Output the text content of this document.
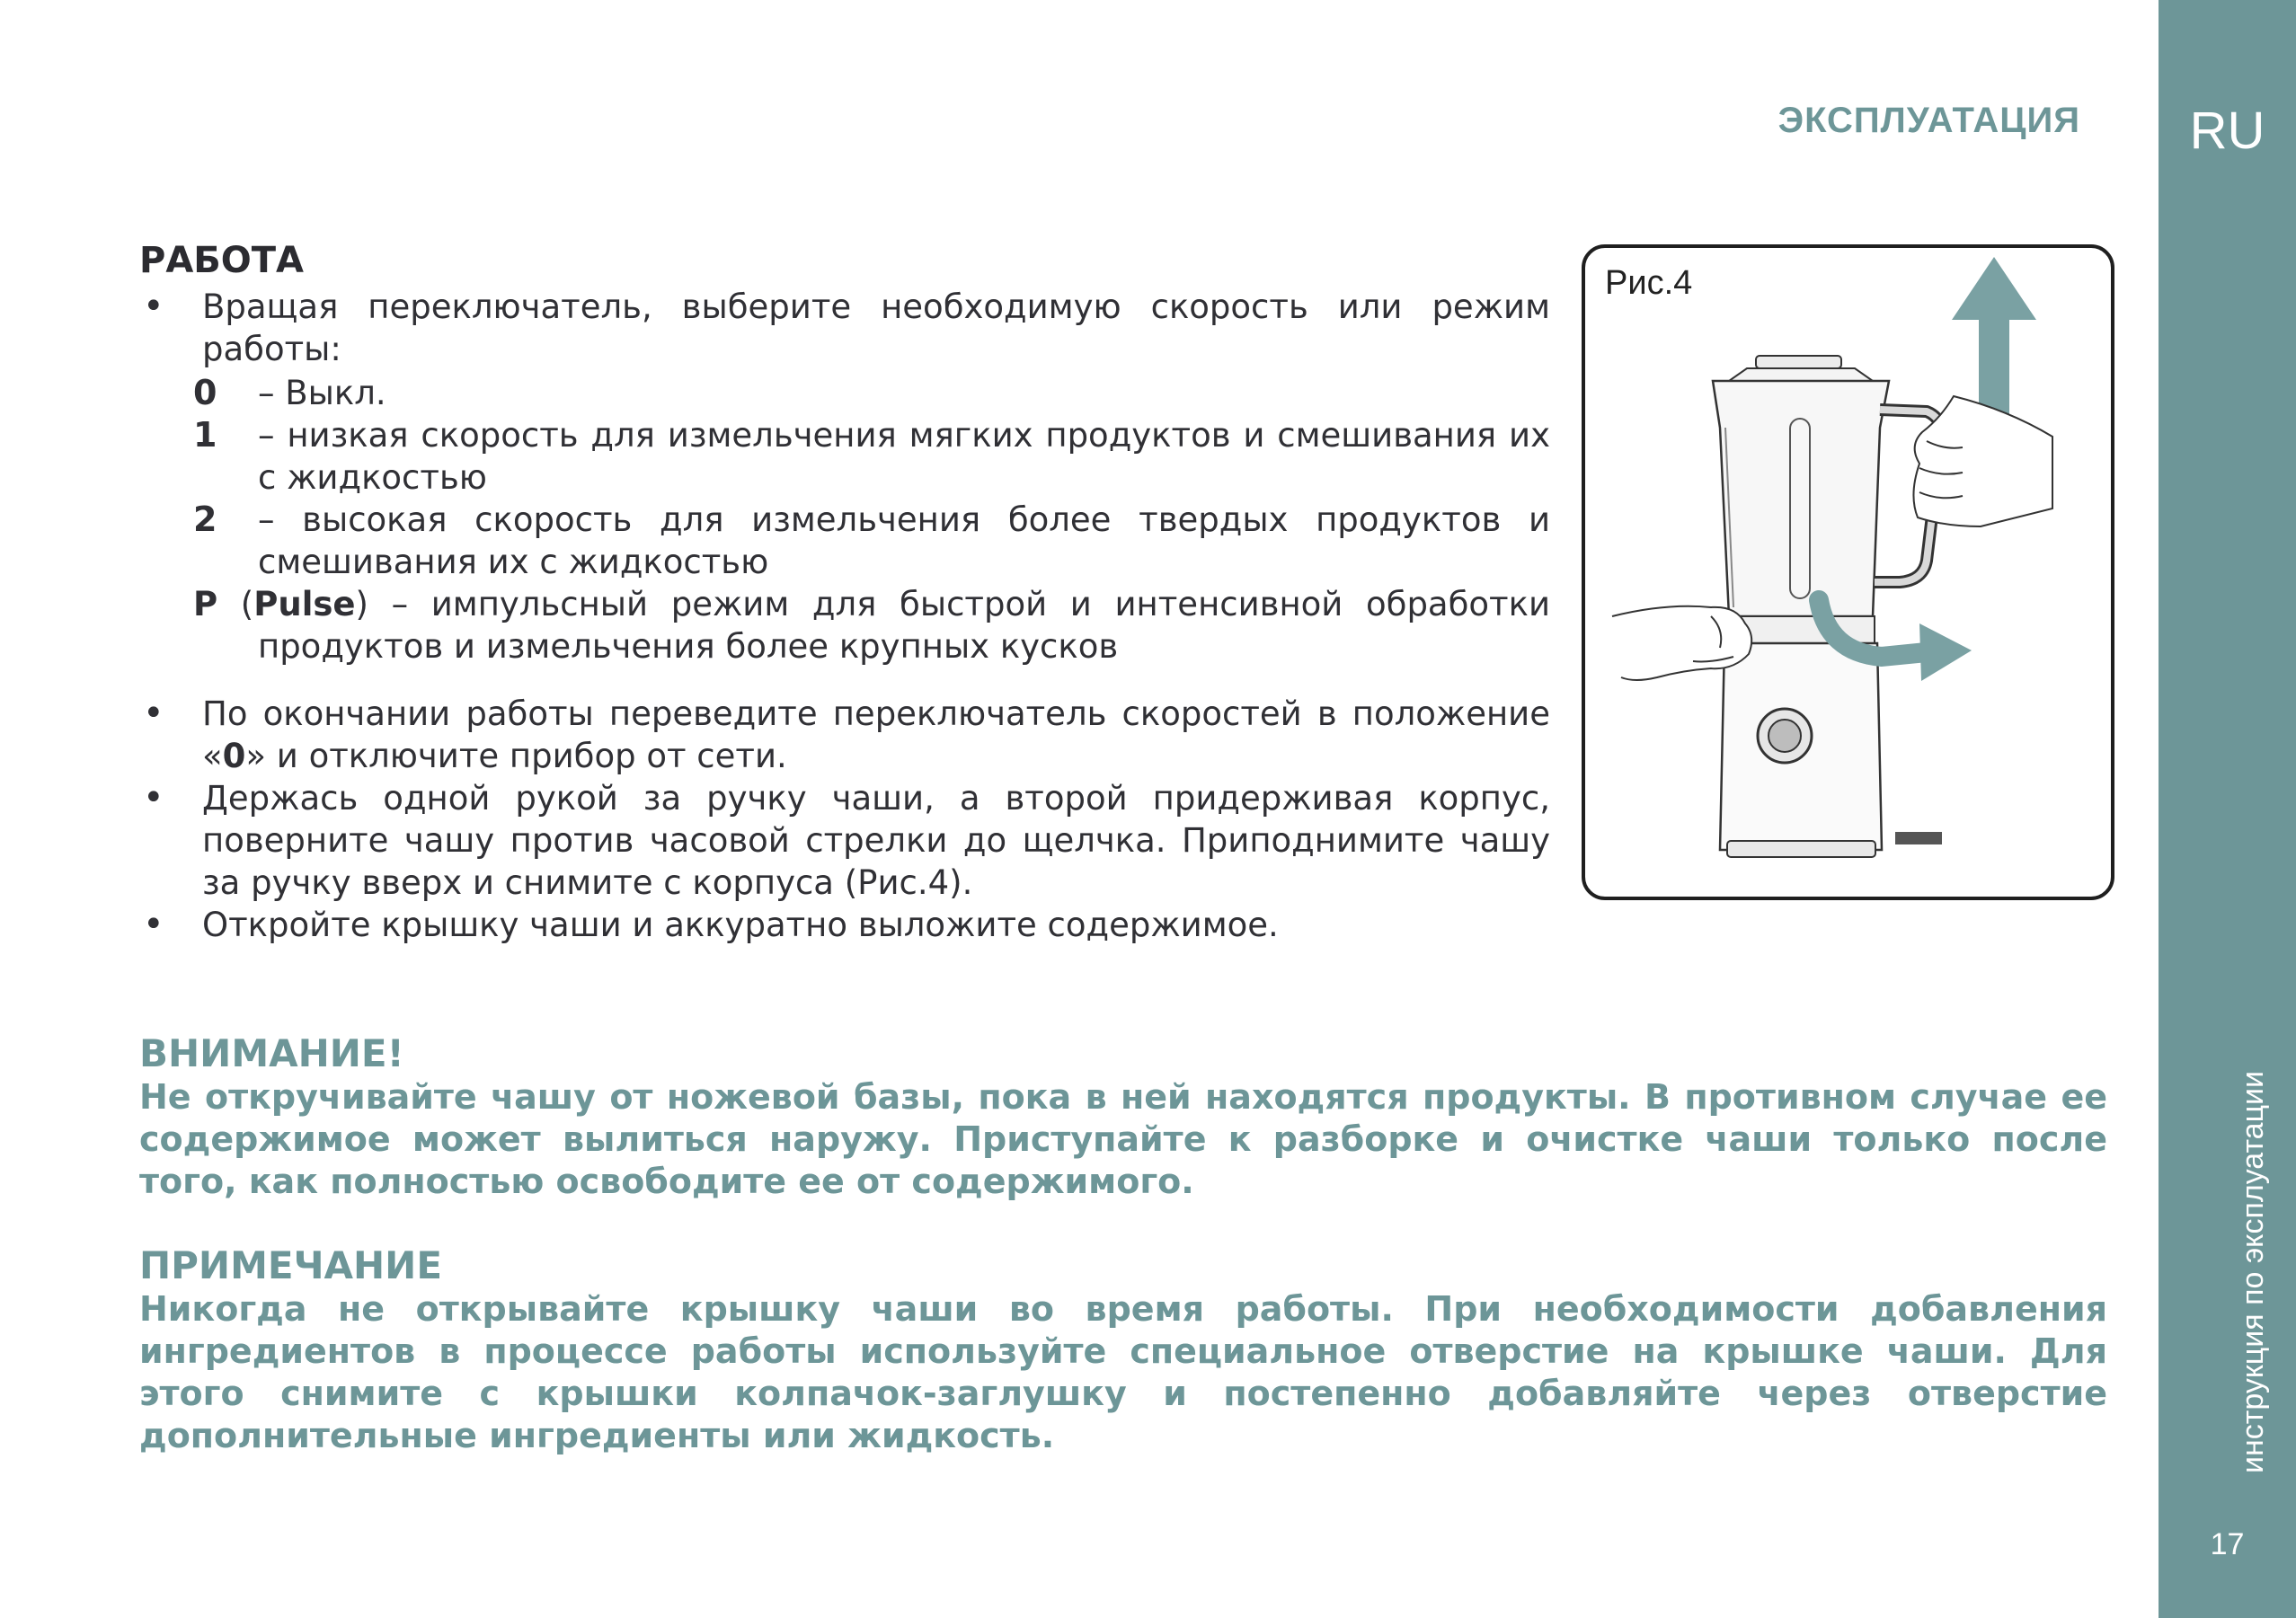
RU
инструкция по эксплуатации
17
ЭКСПЛУАТАЦИЯ
РАБОТА
• Вращая переключатель, выберите необходимую скорость или режим работы:
0	– Выкл.
1	– низкая скорость для измельчения мягких продуктов и смешивания их с жидкостью
2	– высокая скорость для измельчения более твердых продуктов и смешивания их с жидкостью
P (Pulse) – импульсный режим для быстрой и интенсивной обработки продуктов и измельчения более крупных кусков
• По окончании работы переведите переключатель скоростей в положение «0» и отключите прибор от сети.
• Держась одной рукой за ручку чаши, а второй придерживая корпус, поверните чашу против часовой стрелки до щелчка. Приподнимите чашу за ручку вверх и снимите с корпуса (Рис.4).
• Откройте крышку чаши и аккуратно выложите содержимое.
Рис.4
ВНИМАНИЕ!

Не откручивайте чашу от ножевой базы, пока в ней находятся продукты. В противном случае ее содержимое может вылиться наружу. Приступайте к разборке и очистке чаши только после того, как полностью освободите ее от содержимого.

ПРИМЕЧАНИЕ

Никогда не открывайте крышку чаши во время работы. При необходимости добавления ингредиентов в процессе работы используйте специальное отверстие на крышке чаши. Для этого снимите с крышки колпачок-заглушку и постепенно добавляйте через отверстие дополнительные ингредиенты или жидкость.
